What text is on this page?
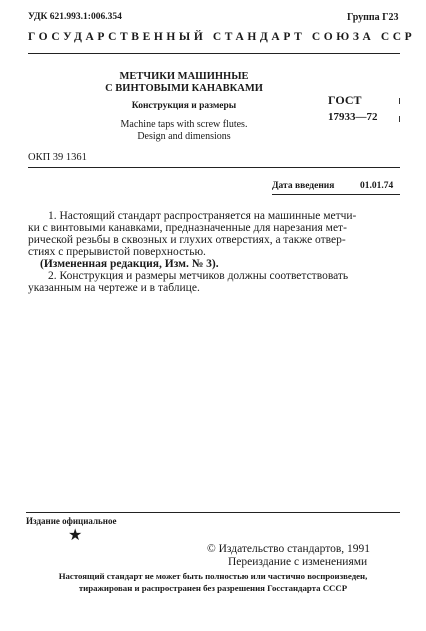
УДК 621.993.1:006.354	Группа Г23
ГОСУДАРСТВЕННЫЙ СТАНДАРТ СОЮЗА ССР
МЕТЧИКИ МАШИННЫЕ
С ВИНТОВЫМИ КАНАВКАМИ
Конструкция и размеры
Machine taps with screw flutes.
Design and dimensions
ГОСТ
17933—72
ОКП 39 1361
Дата введения	01.01.74
1. Настоящий стандарт распространяется на машинные метчи-
ки с винтовыми канавками, предназначенные для нарезания мет-
рической резьбы в сквозных и глухих отверстиях, а также отвер-
стиях с прерывистой поверхностью.
(Измененная редакция, Изм. № 3).
2. Конструкция и размеры метчиков должны соответствовать
указанным на чертеже и в таблице.
Издание официальное
★
© Издательство стандартов, 1991
Переиздание с изменениями
Настоящий стандарт не может быть полностью или частично воспроизведен,
тиражирован и распространен без разрешения Госстандарта СССР
